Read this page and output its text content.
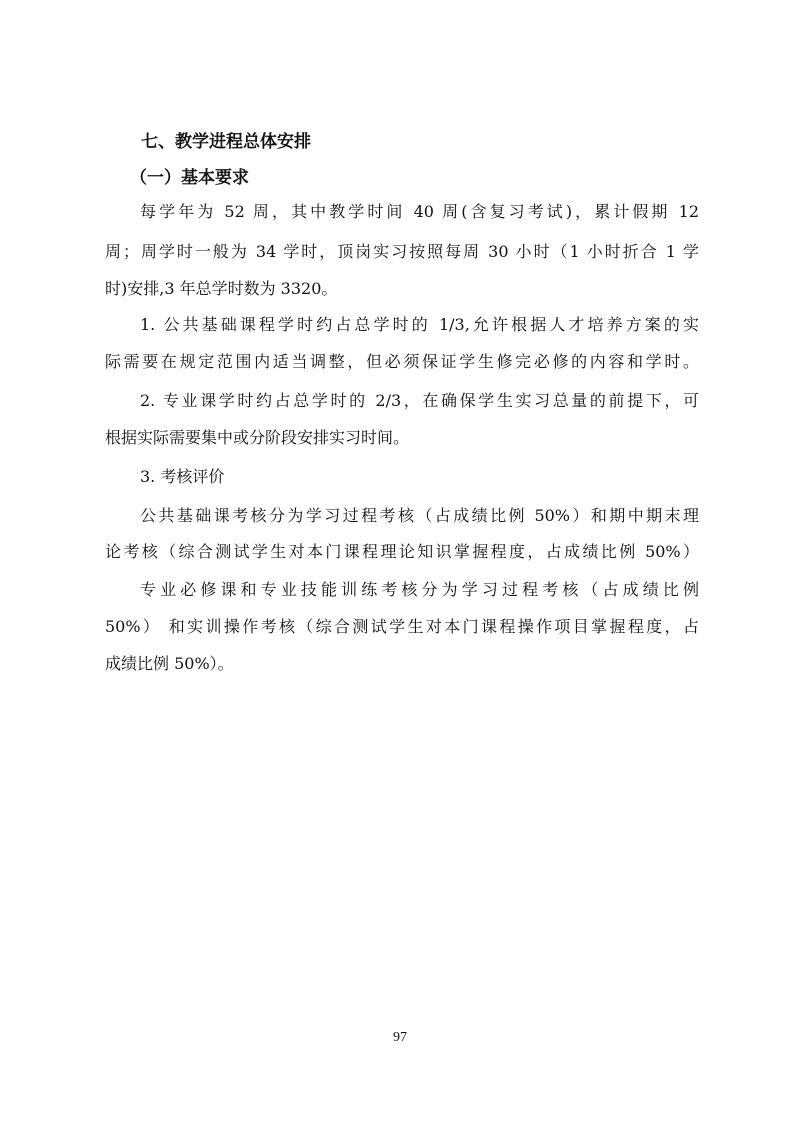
七、教学进程总体安排
（一）基本要求
每学年为 52 周，其中教学时间 40 周(含复习考试)，累计假期 12
周；周学时一般为 34 学时，顶岗实习按照每周 30 小时（1 小时折合 1 学
时)安排,3 年总学时数为 3320。
1. 公共基础课程学时约占总学时的 1/3,允许根据人才培养方案的实
际需要在规定范围内适当调整，但必须保证学生修完必修的内容和学时。
2. 专业课学时约占总学时的 2/3，在确保学生实习总量的前提下，可
根据实际需要集中或分阶段安排实习时间。
3. 考核评价
公共基础课考核分为学习过程考核（占成绩比例 50%）和期中期末理
论考核（综合测试学生对本门课程理论知识掌握程度，占成绩比例 50%）
专业必修课和专业技能训练考核分为学习过程考核（占成绩比例
50%） 和实训操作考核（综合测试学生对本门课程操作项目掌握程度，占
成绩比例 50%）。
97
